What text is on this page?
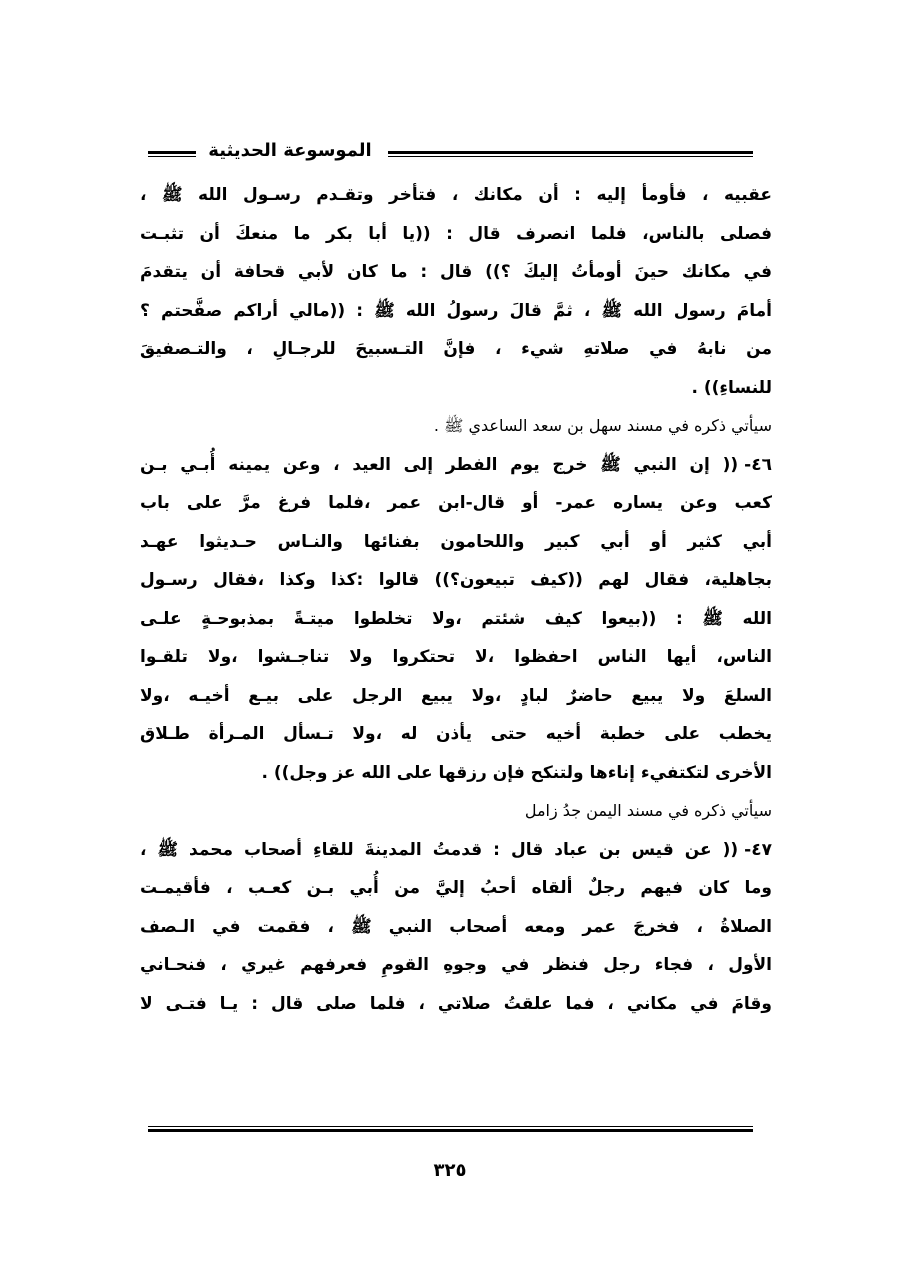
الموسوعة الحديثية
عقبيه ، فأومأ إليه : أن مكانك ، فتأخر وتقـدم رسـول الله ﷺ ،
فصلى بالناس، فلما انصرف قال : ((يا أبا بكر ما منعكَ أن تثبـت
في مكانك حينَ أومأتُ إليكَ ؟)) قال : ما كان لأبي قحافة أن يتقدمَ
أمامَ رسول الله ﷺ ، ثمَّ قالَ رسولُ الله ﷺ : ((مالي أراكم صفَّحتم ؟
من نابهُ في صلاتهِ شيء ، فإنَّ التـسبيحَ للرجـالِ ، والتـصفيقَ
للنساءِ)) .
سيأتي ذكره في مسند سهل بن سعد الساعدي ﷺ .
٤٦-(( إن النبي ﷺ خرج يوم الفطر إلى العيد ، وعن يمينه أُبـي بـن
كعب وعن يساره عمر- أو قال-ابن عمر ،فلما فرغ مرَّ على باب
أبي كثير أو أبي كبير واللحامون بفنائها والنـاس حـديثوا عهـد
بجاهلية، فقال لهم ((كيف تبيعون؟)) قالوا :كذا وكذا ،فقال رسـول
الله ﷺ : ((بيعوا كيف شئتم ،ولا تخلطوا ميتـةً بمذبوحـةٍ علـى
الناس، أيها الناس احفظوا ،لا تحتكروا ولا تناجـشوا ،ولا تلقـوا
السلعَ ولا يبيع حاضرٌ لبادٍ ،ولا يبيع الرجل على بيـع أخيـه ،ولا
يخطب على خطبة أخيه حتى يأذن له ،ولا تـسأل المـرأة طـلاق
الأخرى لتكتفيء إناءها ولتنكح فإن رزقها على الله عز وجل)) .
سيأتي ذكره في مسند اليمن جدُ زامل
٤٧-(( عن قيس بن عباد قال : قدمتُ المدينةَ للقاءِ أصحاب محمد ﷺ ،
وما كان فيهم رجلٌ ألقاه أحبُ إليَّ من أُبي بـن كعـب ، فأقيمـت
الصلاةُ ، فخرجَ عمر ومعه أصحاب النبي ﷺ ، فقمت في الـصف
الأول ، فجاء رجل فنظر في وجوهِ القومِ فعرفهم غيري ، فنحـاني
وقامَ في مكاني ، فما علقتُ صلاتي ، فلما صلى قال : يـا فتـى لا
٣٢٥
